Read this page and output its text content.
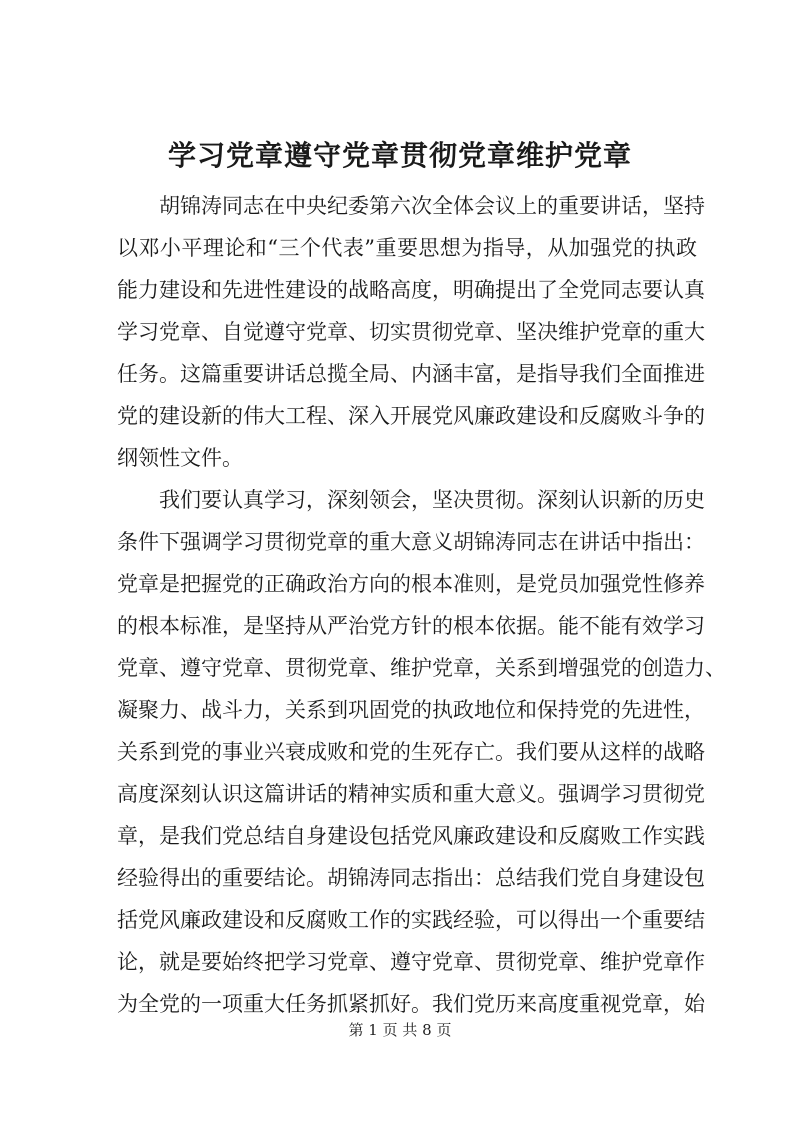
学习党章遵守党章贯彻党章维护党章
胡锦涛同志在中央纪委第六次全体会议上的重要讲话，坚持
以邓小平理论和“三个代表”重要思想为指导，从加强党的执政
能力建设和先进性建设的战略高度，明确提出了全党同志要认真
学习党章、自觉遵守党章、切实贯彻党章、坚决维护党章的重大
任务。这篇重要讲话总揽全局、内涵丰富，是指导我们全面推进
党的建设新的伟大工程、深入开展党风廉政建设和反腐败斗争的
纲领性文件。
我们要认真学习，深刻领会，坚决贯彻。深刻认识新的历史
条件下强调学习贯彻党章的重大意义胡锦涛同志在讲话中指出：
党章是把握党的正确政治方向的根本准则，是党员加强党性修养
的根本标准，是坚持从严治党方针的根本依据。能不能有效学习
党章、遵守党章、贯彻党章、维护党章，关系到增强党的创造力、
凝聚力、战斗力，关系到巩固党的执政地位和保持党的先进性，
关系到党的事业兴衰成败和党的生死存亡。我们要从这样的战略
高度深刻认识这篇讲话的精神实质和重大意义。强调学习贯彻党
章，是我们党总结自身建设包括党风廉政建设和反腐败工作实践
经验得出的重要结论。胡锦涛同志指出：总结我们党自身建设包
括党风廉政建设和反腐败工作的实践经验，可以得出一个重要结
论，就是要始终把学习党章、遵守党章、贯彻党章、维护党章作
为全党的一项重大任务抓紧抓好。我们党历来高度重视党章，始
第 1 页 共 8 页
